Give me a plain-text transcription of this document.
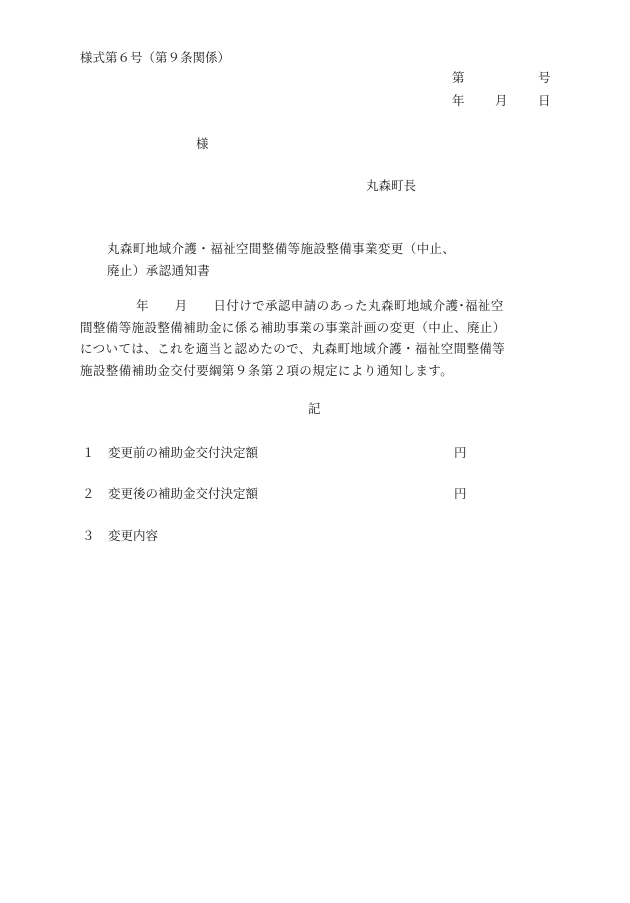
様式第６号（第９条関係）
第	号
年 月 日
様
丸森町長
丸森町地域介護・福祉空間整備等施設整備事業変更（中止、
廃止）承認通知書
年　　月　　日付けで承認申請のあった丸森町地域介護･福祉空
間整備等施設整備補助金に係る補助事業の事業計画の変更（中止、廃止）
については、これを適当と認めたので、丸森町地域介護・福祉空間整備等
施設整備補助金交付要綱第９条第２項の規定により通知します。
記
１ 変更前の補助金交付決定額	円
２ 変更後の補助金交付決定額	円
３ 変更内容
